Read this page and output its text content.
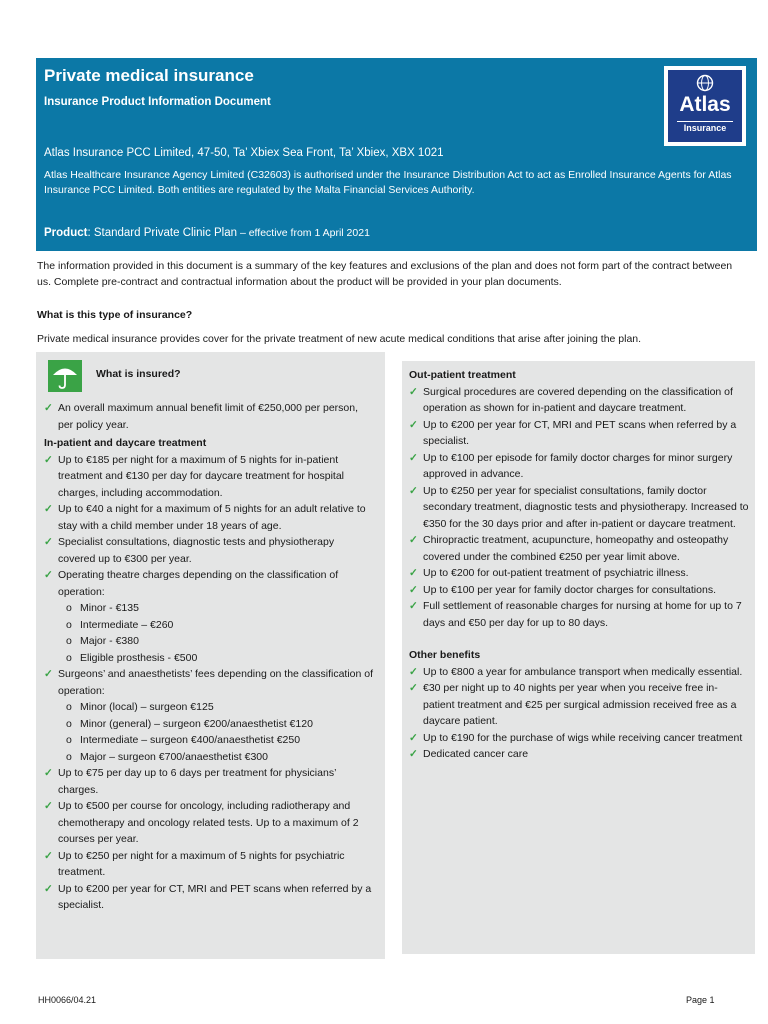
Private medical insurance
Insurance Product Information Document
Atlas Insurance PCC Limited, 47-50, Ta’ Xbiex Sea Front, Ta’ Xbiex, XBX 1021
Atlas Healthcare Insurance Agency Limited (C32603) is authorised under the Insurance Distribution Act to act as Enrolled Insurance Agents for Atlas Insurance PCC Limited. Both entities are regulated by the Malta Financial Services Authority.
Product: Standard Private Clinic Plan – effective from 1 April 2021
Atlas
Insurance
The information provided in this document is a summary of the key features and exclusions of the plan and does not form part of the contract between us. Complete pre-contract and contractual information about the product will be provided in your plan documents.
What is this type of insurance?
Private medical insurance provides cover for the private treatment of new acute medical conditions that arise after joining the plan.
What is insured?
✓ An overall maximum annual benefit limit of €250,000 per person, per policy year.
In-patient and daycare treatment
✓ Up to €185 per night for a maximum of 5 nights for in-patient treatment and €130 per day for daycare treatment for hospital charges, including accommodation.
✓ Up to €40 a night for a maximum of 5 nights for an adult relative to stay with a child member under 18 years of age.
✓ Specialist consultations, diagnostic tests and physiotherapy covered up to €300 per year.
✓ Operating theatre charges depending on the classification of operation:
o Minor - €135
o Intermediate – €260
o Major - €380
o Eligible prosthesis - €500
✓ Surgeons’ and anaesthetists’ fees depending on the classification of operation:
o Minor (local) – surgeon €125
o Minor (general) – surgeon €200/anaesthetist €120
o Intermediate – surgeon €400/anaesthetist €250
o Major – surgeon €700/anaesthetist €300
✓ Up to €75 per day up to 6 days per treatment for physicians’ charges.
✓ Up to €500 per course for oncology, including radiotherapy and chemotherapy and oncology related tests. Up to a maximum of 2 courses per year.
✓ Up to €250 per night for a maximum of 5 nights for psychiatric treatment.
✓ Up to €200 per year for CT, MRI and PET scans when referred by a specialist.
Out-patient treatment
✓ Surgical procedures are covered depending on the classification of operation as shown for in-patient and daycare treatment.
✓ Up to €200 per year for CT, MRI and PET scans when referred by a specialist.
✓ Up to €100 per episode for family doctor charges for minor surgery approved in advance.
✓ Up to €250 per year for specialist consultations, family doctor secondary treatment, diagnostic tests and physiotherapy. Increased to €350 for the 30 days prior and after in-patient or daycare treatment.
✓ Chiropractic treatment, acupuncture, homeopathy and osteopathy covered under the combined €250 per year limit above.
✓ Up to €200 for out-patient treatment of psychiatric illness.
✓ Up to €100 per year for family doctor charges for consultations.
✓ Full settlement of reasonable charges for nursing at home for up to 7 days and €50 per day for up to 80 days.
Other benefits
✓ Up to €800 a year for ambulance transport when medically essential.
✓ €30 per night up to 40 nights per year when you receive free in-patient treatment and €25 per surgical admission received free as a daycare patient.
✓ Up to €190 for the purchase of wigs while receiving cancer treatment
✓ Dedicated cancer care
HH0066/04.21	Page 1
